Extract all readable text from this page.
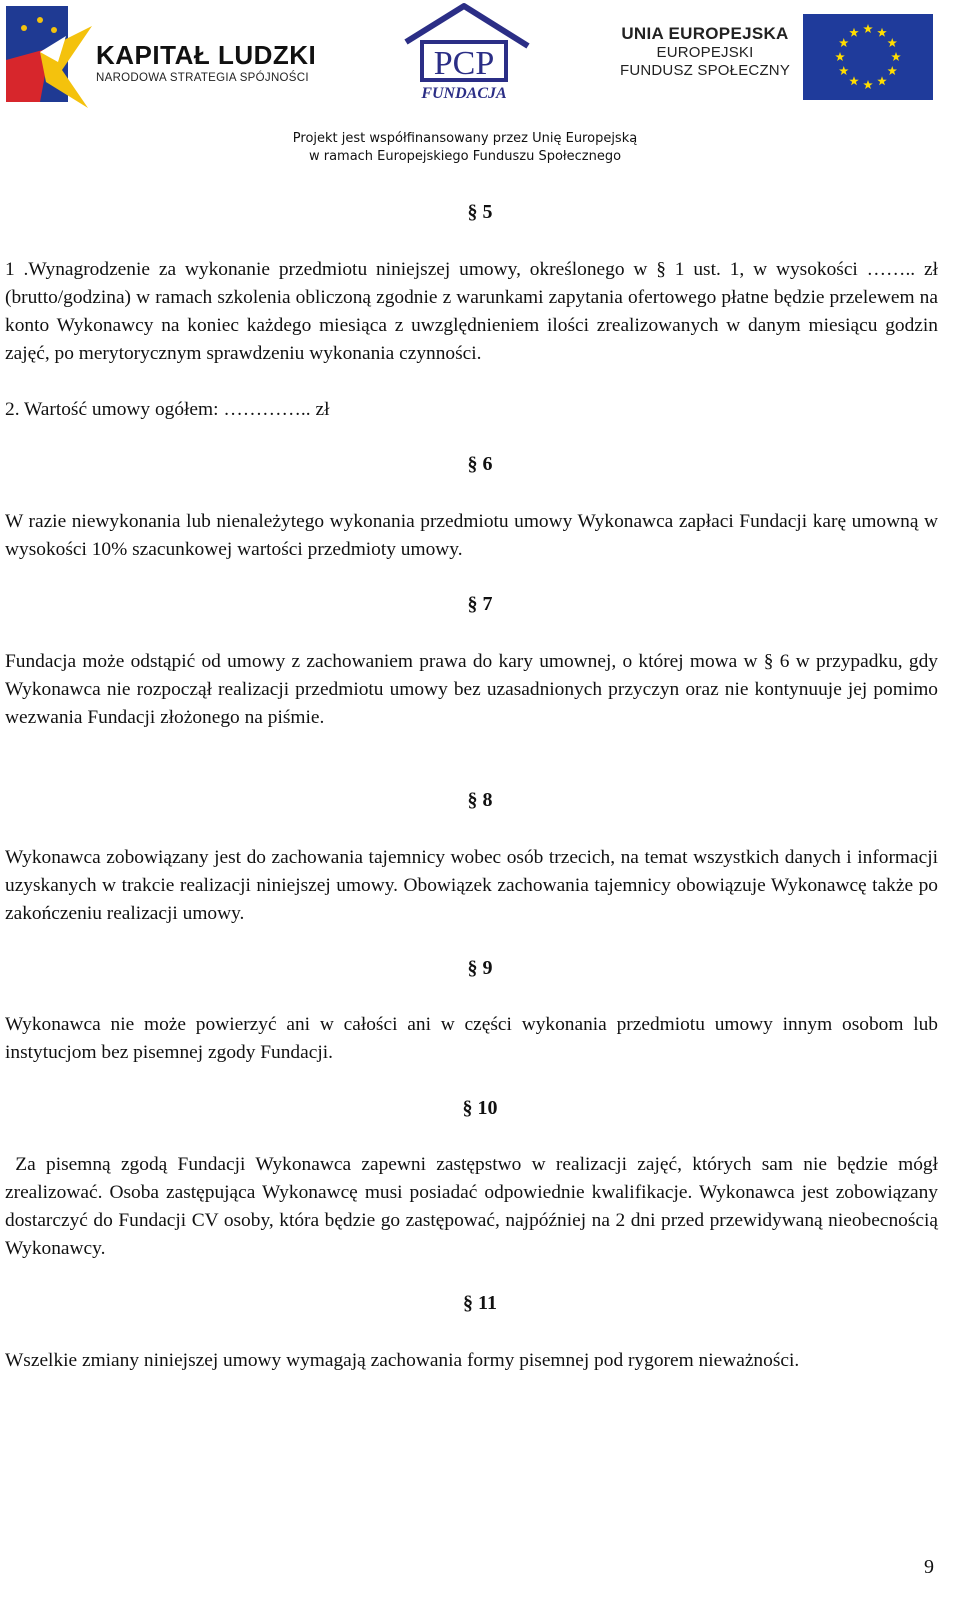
KAPITAŁ LUDZKI
NARODOWA STRATEGIA SPÓJNOŚCI	PCP
FUNDACJA
UNIA EUROPEJSKA
EUROPEJSKI
FUNDUSZ SPOŁECZNY
Projekt jest współfinansowany przez Unię Europejską
w ramach Europejskiego Funduszu Społecznego
§ 5

1 .Wynagrodzenie za wykonanie przedmiotu niniejszej umowy, określonego w § 1 ust. 1, w wysokości …….. zł (brutto/godzina) w ramach szkolenia obliczoną zgodnie z warunkami zapytania ofertowego płatne będzie przelewem na konto Wykonawcy na koniec każdego miesiąca z uwzględnieniem ilości zrealizowanych w danym miesiącu godzin zajęć, po merytorycznym sprawdzeniu wykonania czynności.

2. Wartość umowy ogółem: ………….. zł

§ 6

W razie niewykonania lub nienależytego wykonania przedmiotu umowy Wykonawca zapłaci Fundacji karę umowną w wysokości 10% szacunkowej wartości przedmioty umowy.

§ 7

Fundacja może odstąpić od umowy z zachowaniem prawa do kary umownej, o której mowa w § 6 w przypadku, gdy Wykonawca nie rozpoczął realizacji przedmiotu umowy bez uzasadnionych przyczyn oraz nie kontynuuje jej pomimo wezwania Fundacji złożonego na piśmie.

§ 8

Wykonawca zobowiązany jest do zachowania tajemnicy wobec osób trzecich, na temat wszystkich danych i informacji uzyskanych w trakcie realizacji niniejszej umowy. Obowiązek zachowania tajemnicy obowiązuje Wykonawcę także po zakończeniu realizacji umowy.

§ 9

Wykonawca nie może powierzyć ani w całości ani w części wykonania przedmiotu umowy innym osobom lub instytucjom bez pisemnej zgody Fundacji.

§ 10

Za pisemną zgodą Fundacji Wykonawca zapewni zastępstwo w realizacji zajęć, których sam nie będzie mógł zrealizować. Osoba zastępująca Wykonawcę musi posiadać odpowiednie kwalifikacje. Wykonawca jest zobowiązany dostarczyć do Fundacji CV osoby, która będzie go zastępować, najpóźniej na 2 dni przed przewidywaną nieobecnością Wykonawcy.

§ 11

Wszelkie zmiany niniejszej umowy wymagają zachowania formy pisemnej pod rygorem nieważności.

9
